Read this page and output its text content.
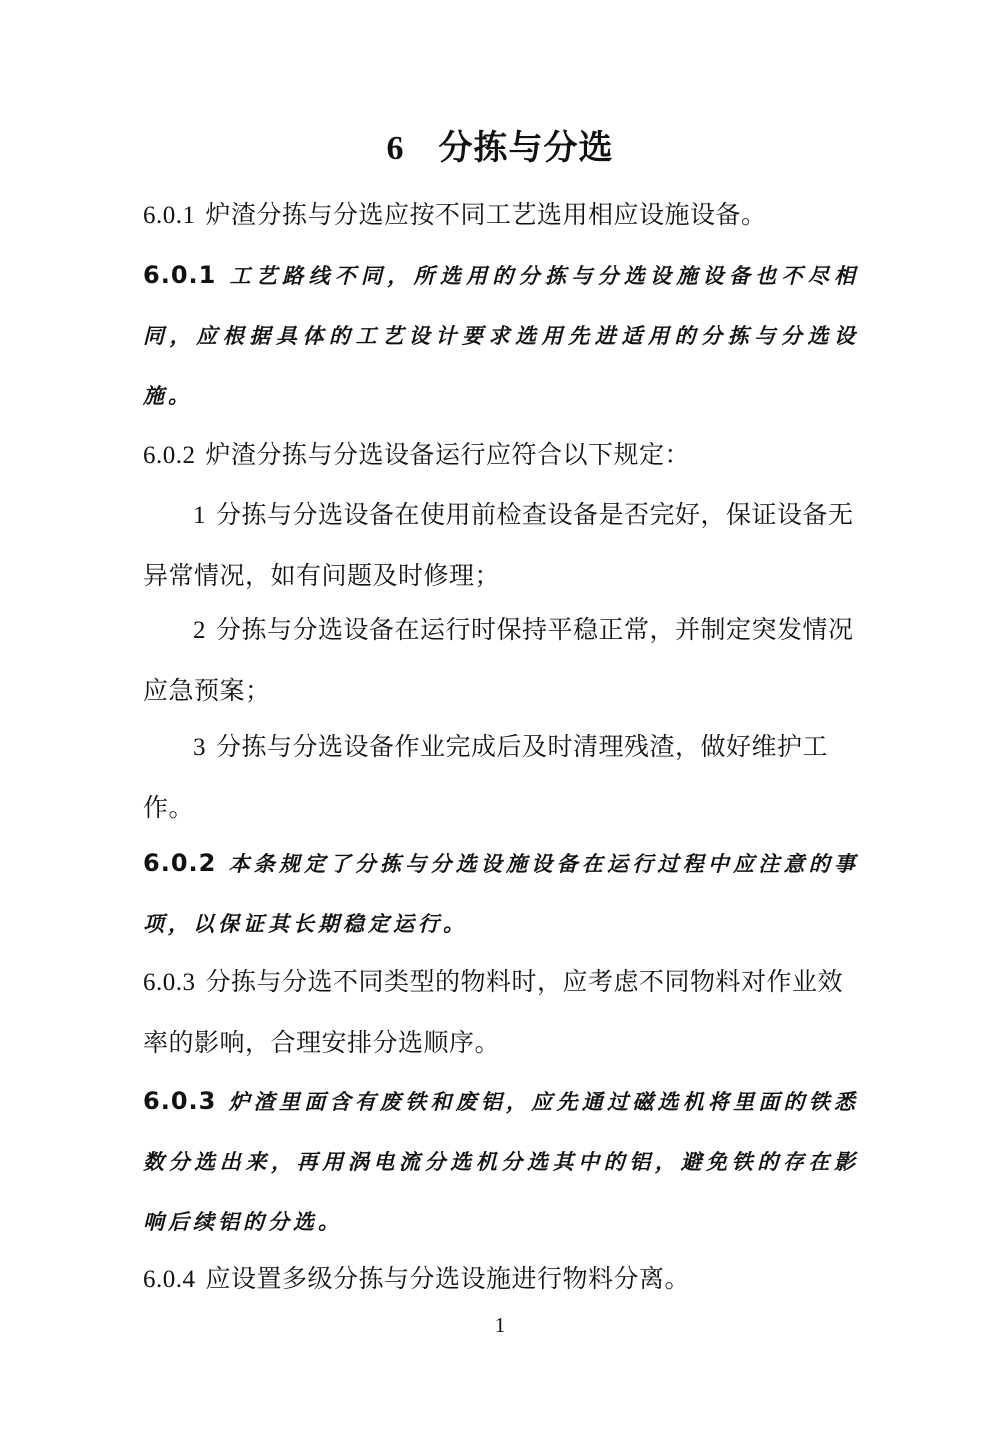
6 分拣与分选

6.0.1 炉渣分拣与分选应按不同工艺选用相应设施设备。

6.0.1 工艺路线不同，所选用的分拣与分选设施设备也不尽相同，应根据具体的工艺设计要求选用先进适用的分拣与分选设施。

6.0.2 炉渣分拣与分选设备运行应符合以下规定：

1 分拣与分选设备在使用前检查设备是否完好，保证设备无异常情况，如有问题及时修理；

2 分拣与分选设备在运行时保持平稳正常，并制定突发情况应急预案；

3 分拣与分选设备作业完成后及时清理残渣，做好维护工作。

6.0.2 本条规定了分拣与分选设施设备在运行过程中应注意的事项，以保证其长期稳定运行。

6.0.3 分拣与分选不同类型的物料时，应考虑不同物料对作业效率的影响，合理安排分选顺序。

6.0.3 炉渣里面含有废铁和废铝，应先通过磁选机将里面的铁悉数分选出来，再用涡电流分选机分选其中的铝，避免铁的存在影响后续铝的分选。

6.0.4 应设置多级分拣与分选设施进行物料分离。

1
